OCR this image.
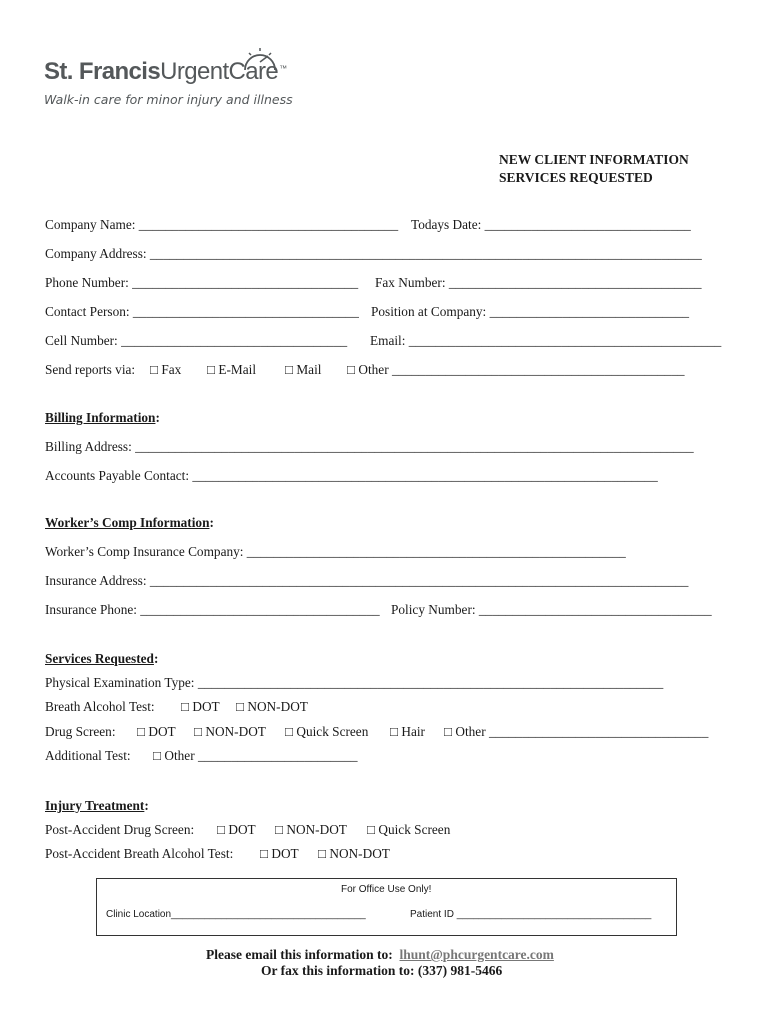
St. FrancisUrgentCare™
Walk-in care for minor injury and illness
NEW CLIENT INFORMATION
SERVICES REQUESTED
Company Name: _______________________________________ Todays Date: _______________________________
Company Address: ___________________________________________________________________________________
Phone Number: __________________________________ Fax Number: ______________________________________
Contact Person: __________________________________ Position at Company: ______________________________
Cell Number: __________________________________ Email: _______________________________________________
Send reports via: □ Fax □ E-Mail □ Mail □ Other ____________________________________________
Billing Information:
Billing Address: ____________________________________________________________________________________
Accounts Payable Contact: ______________________________________________________________________
Worker’s Comp Information:
Worker’s Comp Insurance Company: _________________________________________________________
Insurance Address: _________________________________________________________________________________
Insurance Phone: ____________________________________ Policy Number: ___________________________________
Services Requested:
Physical Examination Type: ______________________________________________________________________
Breath Alcohol Test: □ DOT □ NON-DOT
Drug Screen: □ DOT □ NON-DOT □ Quick Screen □ Hair □ Other _________________________________
Additional Test: □ Other ________________________
Injury Treatment:
Post-Accident Drug Screen: □ DOT □ NON-DOT □ Quick Screen
Post-Accident Breath Alcohol Test: □ DOT □ NON-DOT
For Office Use Only!
Clinic Location___________________________________	Patient ID ___________________________________
Please email this information to: lhunt@phcurgentcare.com
Or fax this information to: (337) 981-5466
